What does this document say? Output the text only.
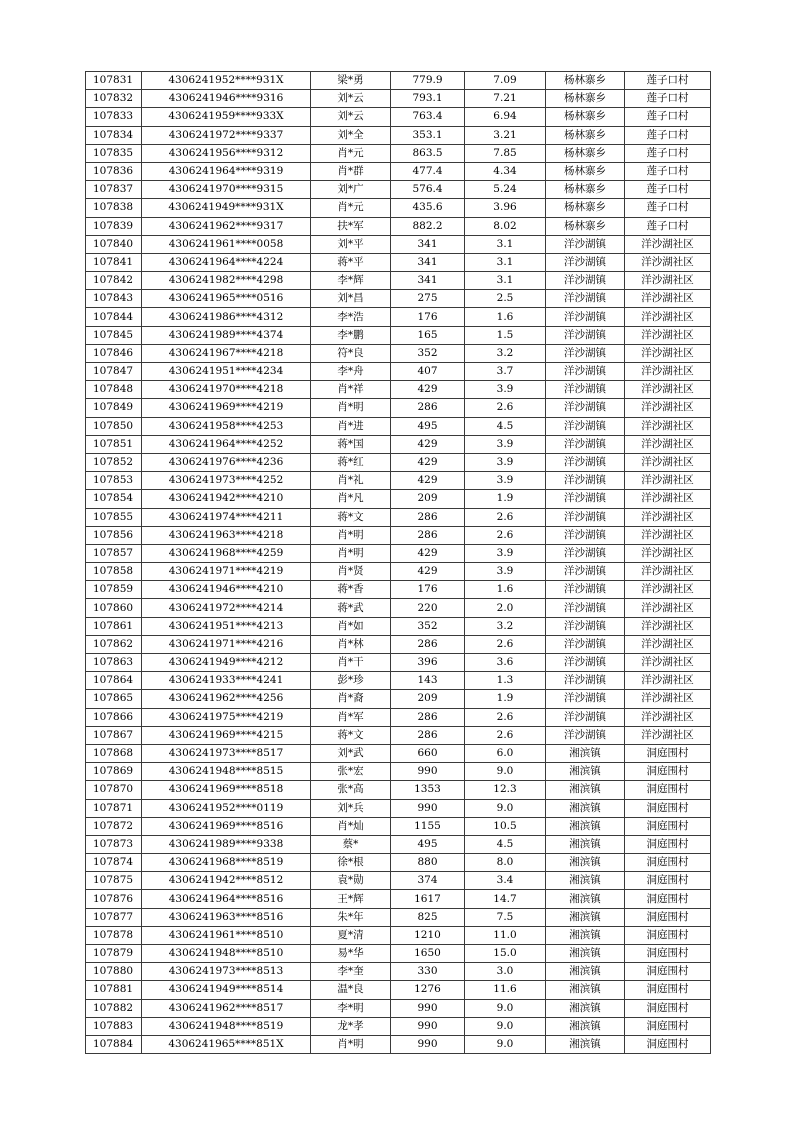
107831	4306241952****931X	梁*勇	779.9	7.09	杨林寨乡	莲子口村
107832	4306241946****9316	刘*云	793.1	7.21	杨林寨乡	莲子口村
107833	4306241959****933X	刘*云	763.4	6.94	杨林寨乡	莲子口村
107834	4306241972****9337	刘*全	353.1	3.21	杨林寨乡	莲子口村
107835	4306241956****9312	肖*元	863.5	7.85	杨林寨乡	莲子口村
107836	4306241964****9319	肖*群	477.4	4.34	杨林寨乡	莲子口村
107837	4306241970****9315	刘*广	576.4	5.24	杨林寨乡	莲子口村
107838	4306241949****931X	肖*元	435.6	3.96	杨林寨乡	莲子口村
107839	4306241962****9317	扶*军	882.2	8.02	杨林寨乡	莲子口村
107840	4306241961****0058	刘*平	341	3.1	洋沙湖镇	洋沙湖社区
107841	4306241964****4224	蒋*平	341	3.1	洋沙湖镇	洋沙湖社区
107842	4306241982****4298	李*辉	341	3.1	洋沙湖镇	洋沙湖社区
107843	4306241965****0516	刘*昌	275	2.5	洋沙湖镇	洋沙湖社区
107844	4306241986****4312	李*浩	176	1.6	洋沙湖镇	洋沙湖社区
107845	4306241989****4374	李*鹏	165	1.5	洋沙湖镇	洋沙湖社区
107846	4306241967****4218	符*良	352	3.2	洋沙湖镇	洋沙湖社区
107847	4306241951****4234	李*舟	407	3.7	洋沙湖镇	洋沙湖社区
107848	4306241970****4218	肖*祥	429	3.9	洋沙湖镇	洋沙湖社区
107849	4306241969****4219	肖*明	286	2.6	洋沙湖镇	洋沙湖社区
107850	4306241958****4253	肖*进	495	4.5	洋沙湖镇	洋沙湖社区
107851	4306241964****4252	蒋*国	429	3.9	洋沙湖镇	洋沙湖社区
107852	4306241976****4236	蒋*红	429	3.9	洋沙湖镇	洋沙湖社区
107853	4306241973****4252	肖*礼	429	3.9	洋沙湖镇	洋沙湖社区
107854	4306241942****4210	肖*凡	209	1.9	洋沙湖镇	洋沙湖社区
107855	4306241974****4211	蒋*文	286	2.6	洋沙湖镇	洋沙湖社区
107856	4306241963****4218	肖*明	286	2.6	洋沙湖镇	洋沙湖社区
107857	4306241968****4259	肖*明	429	3.9	洋沙湖镇	洋沙湖社区
107858	4306241971****4219	肖*贤	429	3.9	洋沙湖镇	洋沙湖社区
107859	4306241946****4210	蒋*香	176	1.6	洋沙湖镇	洋沙湖社区
107860	4306241972****4214	蒋*武	220	2.0	洋沙湖镇	洋沙湖社区
107861	4306241951****4213	肖*如	352	3.2	洋沙湖镇	洋沙湖社区
107862	4306241971****4216	肖*林	286	2.6	洋沙湖镇	洋沙湖社区
107863	4306241949****4212	肖*干	396	3.6	洋沙湖镇	洋沙湖社区
107864	4306241933****4241	彭*珍	143	1.3	洋沙湖镇	洋沙湖社区
107865	4306241962****4256	肖*裔	209	1.9	洋沙湖镇	洋沙湖社区
107866	4306241975****4219	肖*军	286	2.6	洋沙湖镇	洋沙湖社区
107867	4306241969****4215	蒋*文	286	2.6	洋沙湖镇	洋沙湖社区
107868	4306241973****8517	刘*武	660	6.0	湘滨镇	洞庭围村
107869	4306241948****8515	张*宏	990	9.0	湘滨镇	洞庭围村
107870	4306241969****8518	张*高	1353	12.3	湘滨镇	洞庭围村
107871	4306241952****0119	刘*兵	990	9.0	湘滨镇	洞庭围村
107872	4306241969****8516	肖*灿	1155	10.5	湘滨镇	洞庭围村
107873	4306241989****9338	蔡*	495	4.5	湘滨镇	洞庭围村
107874	4306241968****8519	徐*根	880	8.0	湘滨镇	洞庭围村
107875	4306241942****8512	袁*勋	374	3.4	湘滨镇	洞庭围村
107876	4306241964****8516	王*辉	1617	14.7	湘滨镇	洞庭围村
107877	4306241963****8516	朱*年	825	7.5	湘滨镇	洞庭围村
107878	4306241961****8510	夏*清	1210	11.0	湘滨镇	洞庭围村
107879	4306241948****8510	易*华	1650	15.0	湘滨镇	洞庭围村
107880	4306241973****8513	李*奎	330	3.0	湘滨镇	洞庭围村
107881	4306241949****8514	温*良	1276	11.6	湘滨镇	洞庭围村
107882	4306241962****8517	李*明	990	9.0	湘滨镇	洞庭围村
107883	4306241948****8519	龙*孝	990	9.0	湘滨镇	洞庭围村
107884	4306241965****851X	肖*明	990	9.0	湘滨镇	洞庭围村
